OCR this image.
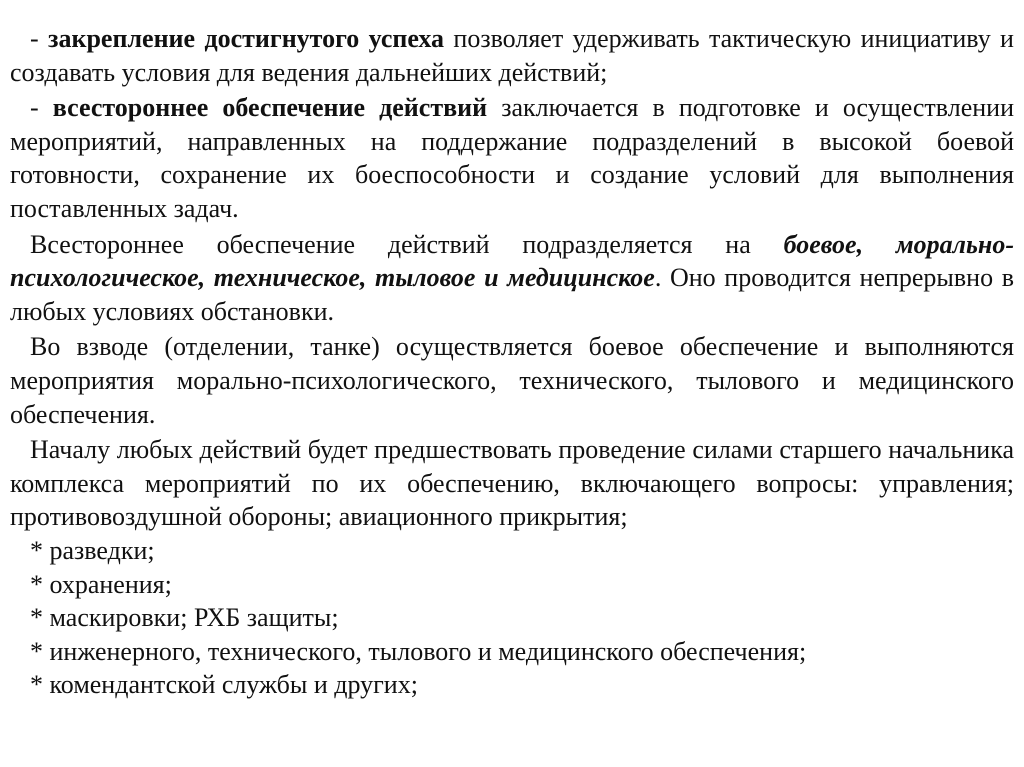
- закрепление достигнутого успеха позволяет удерживать тактическую инициативу и создавать условия для ведения дальнейших действий;

- всестороннее обеспечение действий заключается в подготовке и осуществлении мероприятий, направленных на поддержание подразделений в высокой боевой готовности, сохранение их боеспособности и создание условий для выполнения поставленных задач.

Всестороннее обеспечение действий подразделяется на боевое, морально-психологическое, техническое, тыловое и медицинское. Оно проводится непрерывно в любых условиях обстановки.

Во взводе (отделении, танке) осуществляется боевое обеспечение и выполняются мероприятия морально-психологического, технического, тылового и медицинского обеспечения.

Началу любых действий будет предшествовать проведение силами старшего начальника комплекса мероприятий по их обеспечению, включающего вопросы: управления; противовоздушной обороны; авиационного прикрытия;

* разведки;

* охранения;

* маскировки; РХБ защиты;

* инженерного, технического, тылового и медицинского обеспечения;

* комендантской службы и других;
